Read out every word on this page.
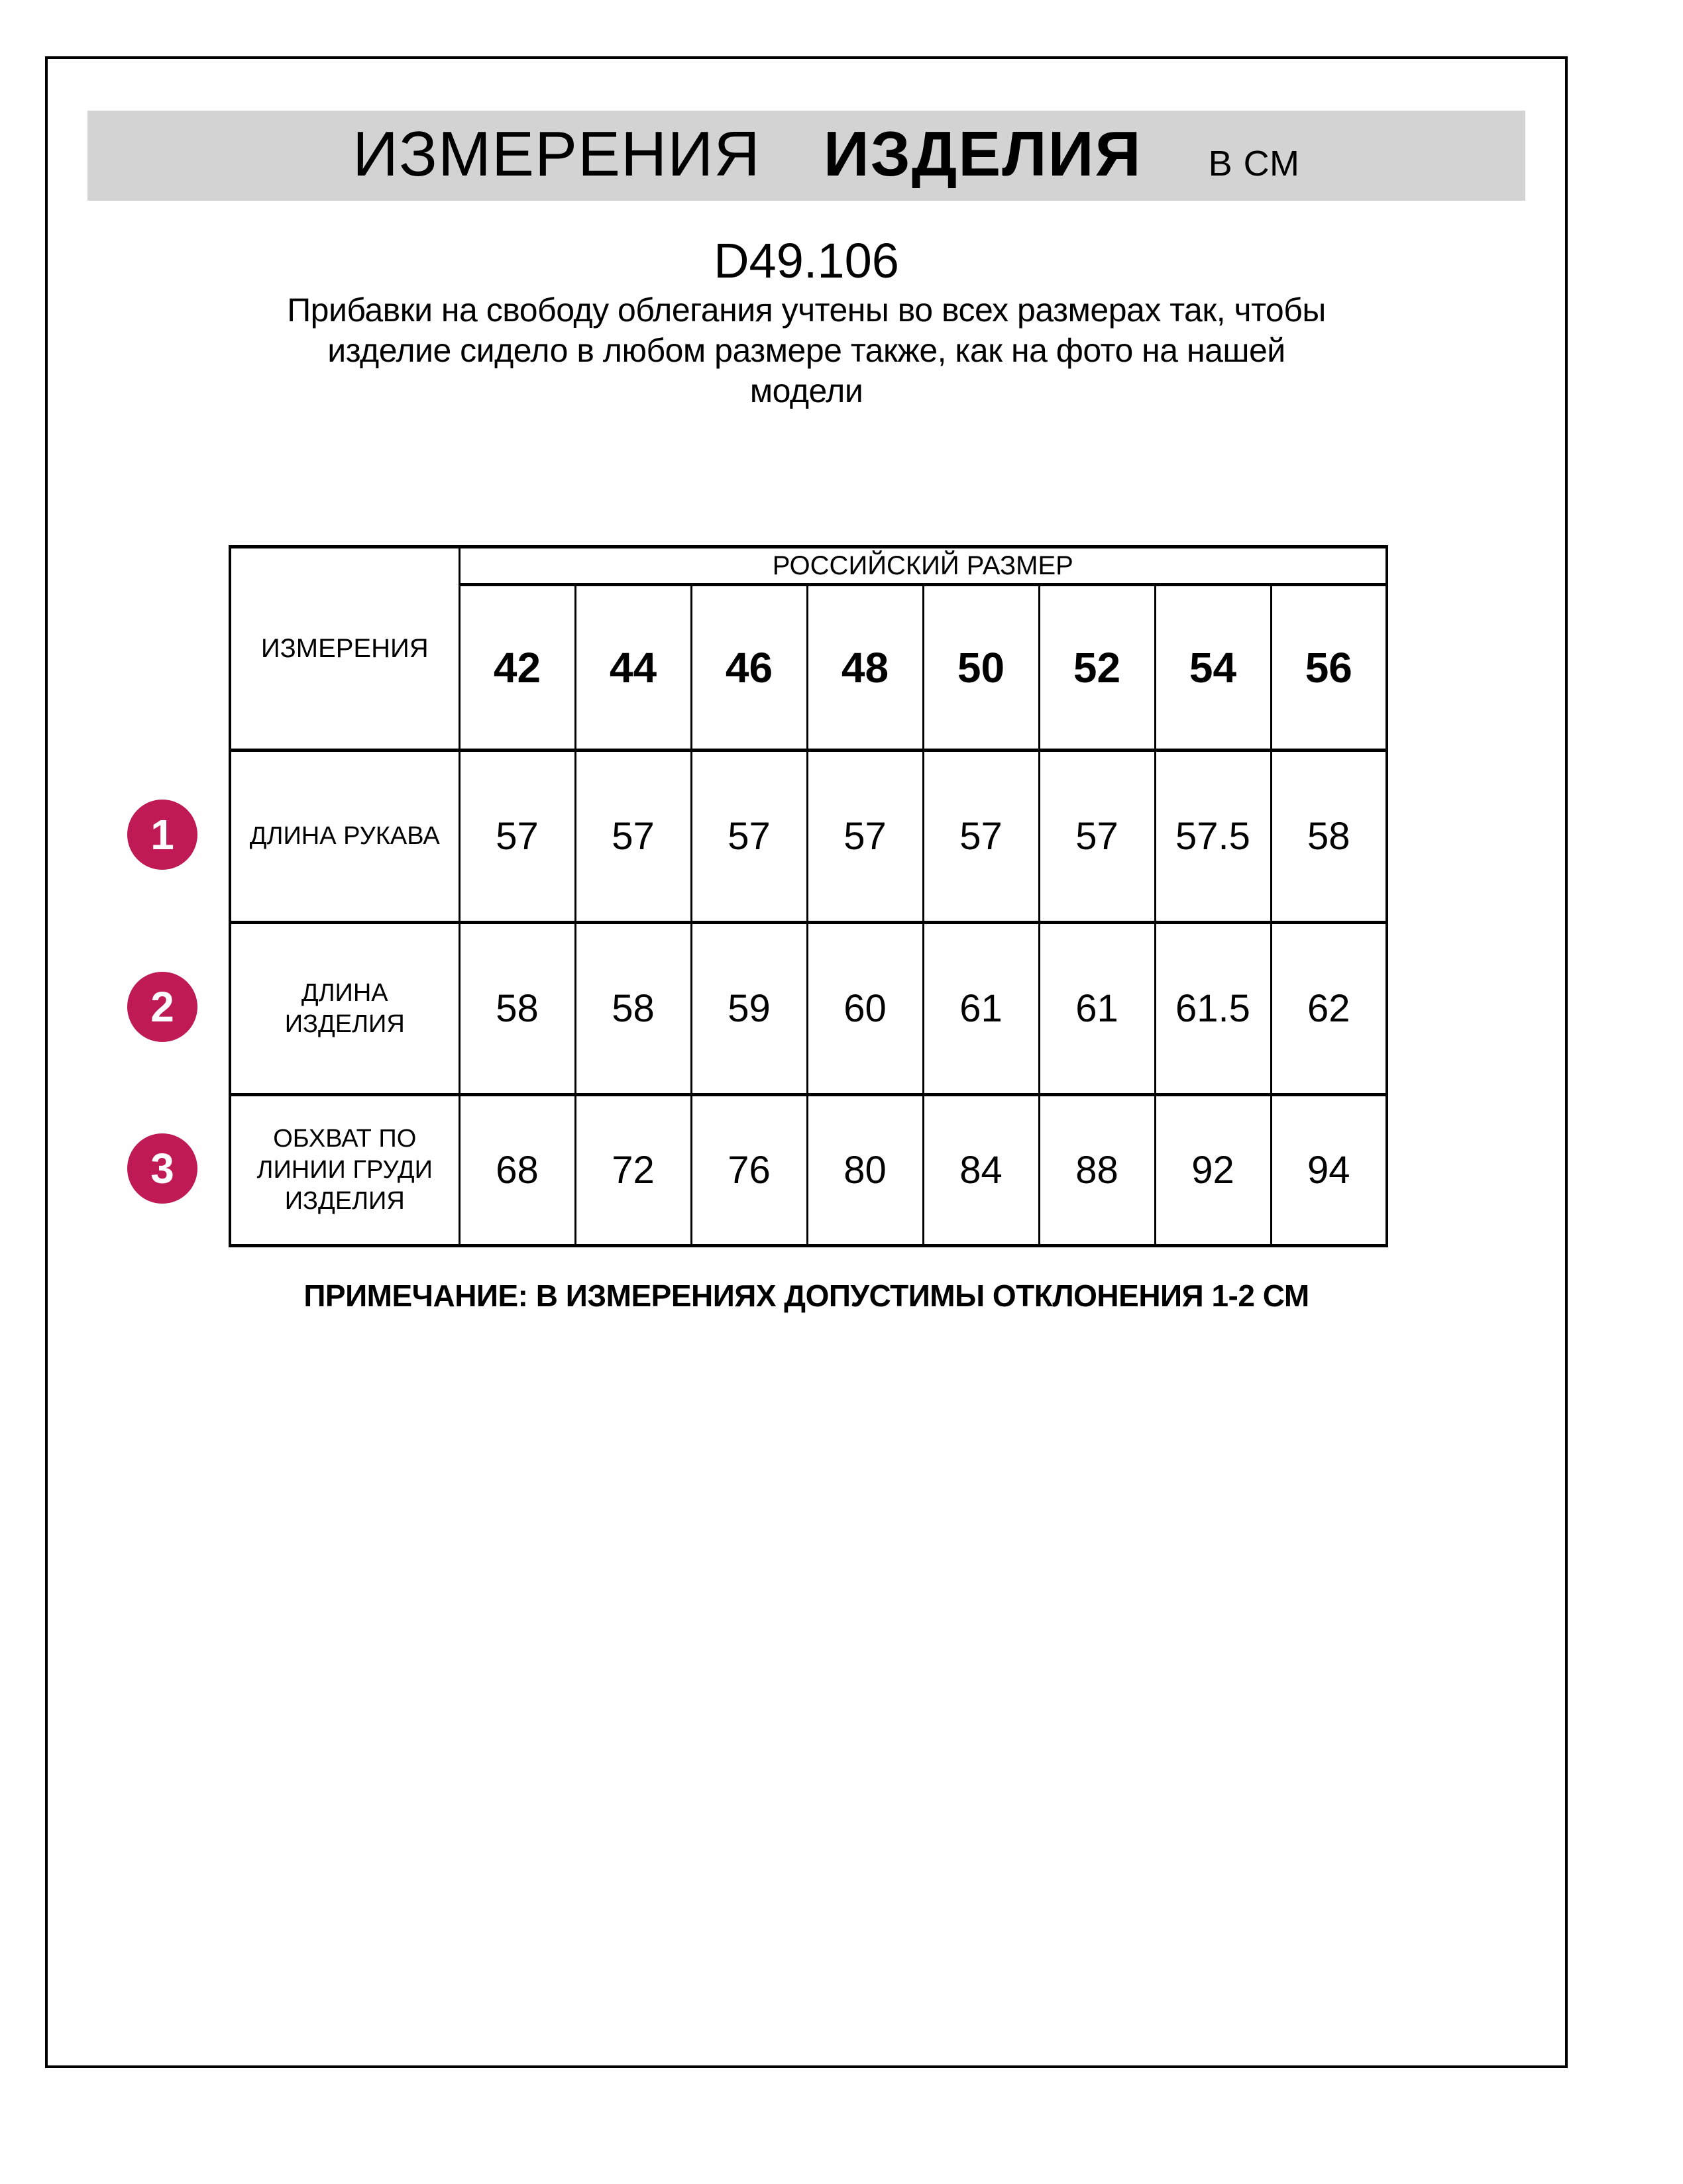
ИЗМЕРЕНИЯ ИЗДЕЛИЯ В СМ
D49.106
Прибавки на свободу облегания учтены во всех размерах так, чтобы
изделие сидело в любом размере также, как на фото на нашей
модели
ИЗМЕРЕНИЯ	РОССИЙСКИЙ РАЗМЕР							
	42	44	46	48	50	52	54	56

ДЛИНА РУКАВА	57	57	57	57	57	57	57.5	58

ДЛИНА
ИЗДЕЛИЯ	58	58	59	60	61	61	61.5	62

ОБХВАТ ПО
ЛИНИИ ГРУДИ
ИЗДЕЛИЯ	68	72	76	80	84	88	92	94
1
2
3
ПРИМЕЧАНИЕ: В ИЗМЕРЕНИЯХ ДОПУСТИМЫ ОТКЛОНЕНИЯ 1-2 СМ
